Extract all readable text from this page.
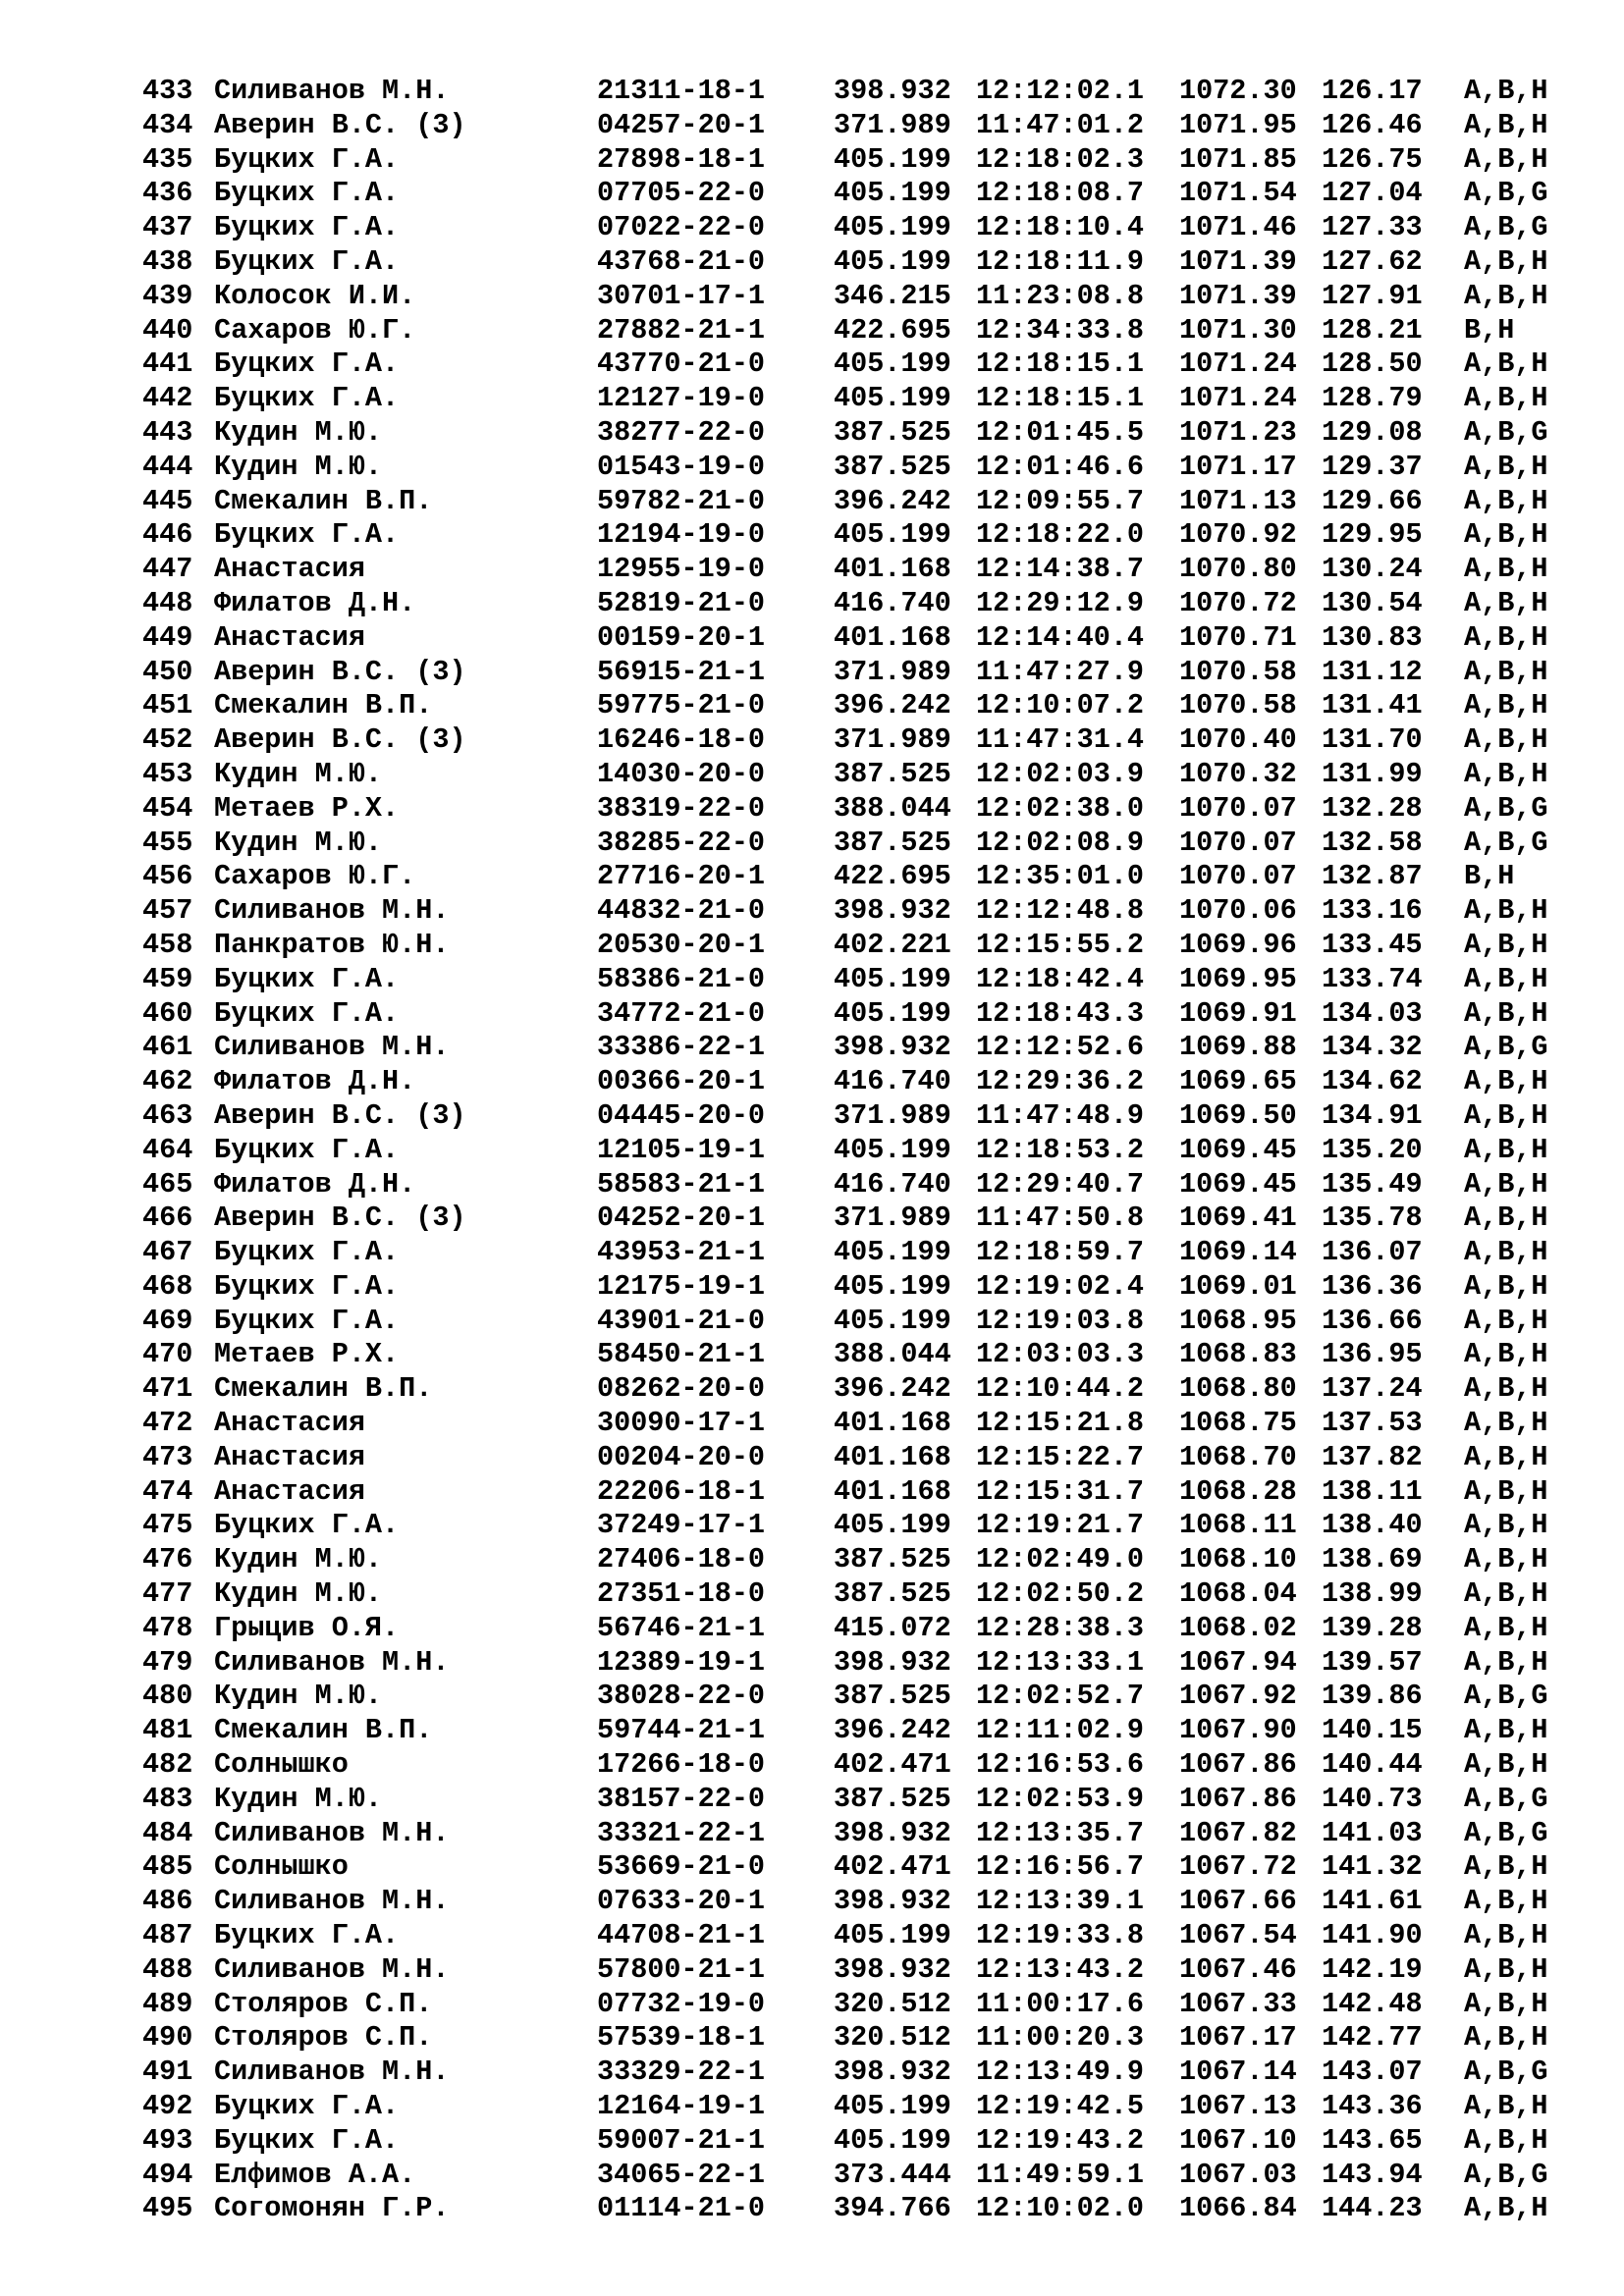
433 Силиванов М.Н.	21311-18-1 398.932 12:12:02.1 1072.30 126.17 A,B,H
434 Аверин В.С. (3)	04257-20-1 371.989 11:47:01.2 1071.95 126.46 A,B,H
435 Буцких Г.А.	27898-18-1 405.199 12:18:02.3 1071.85 126.75 A,B,H
436 Буцких Г.А.	07705-22-0 405.199 12:18:08.7 1071.54 127.04 A,B,G
437 Буцких Г.А.	07022-22-0 405.199 12:18:10.4 1071.46 127.33 A,B,G
438 Буцких Г.А.	43768-21-0 405.199 12:18:11.9 1071.39 127.62 A,B,H
439 Колосок И.И.	30701-17-1 346.215 11:23:08.8 1071.39 127.91 A,B,H
440 Сахаров Ю.Г.	27882-21-1 422.695 12:34:33.8 1071.30 128.21 B,H
441 Буцких Г.А.	43770-21-0 405.199 12:18:15.1 1071.24 128.50 A,B,H
442 Буцких Г.А.	12127-19-0 405.199 12:18:15.1 1071.24 128.79 A,B,H
443 Кудин М.Ю.	38277-22-0 387.525 12:01:45.5 1071.23 129.08 A,B,G
444 Кудин М.Ю.	01543-19-0 387.525 12:01:46.6 1071.17 129.37 A,B,H
445 Смекалин В.П.	59782-21-0 396.242 12:09:55.7 1071.13 129.66 A,B,H
446 Буцких Г.А.	12194-19-0 405.199 12:18:22.0 1070.92 129.95 A,B,H
447 Анастасия	12955-19-0 401.168 12:14:38.7 1070.80 130.24 A,B,H
448 Филатов Д.Н.	52819-21-0 416.740 12:29:12.9 1070.72 130.54 A,B,H
449 Анастасия	00159-20-1 401.168 12:14:40.4 1070.71 130.83 A,B,H
450 Аверин В.С. (3)	56915-21-1 371.989 11:47:27.9 1070.58 131.12 A,B,H
451 Смекалин В.П.	59775-21-0 396.242 12:10:07.2 1070.58 131.41 A,B,H
452 Аверин В.С. (3)	16246-18-0 371.989 11:47:31.4 1070.40 131.70 A,B,H
453 Кудин М.Ю.	14030-20-0 387.525 12:02:03.9 1070.32 131.99 A,B,H
454 Метаев Р.Х.	38319-22-0 388.044 12:02:38.0 1070.07 132.28 A,B,G
455 Кудин М.Ю.	38285-22-0 387.525 12:02:08.9 1070.07 132.58 A,B,G
456 Сахаров Ю.Г.	27716-20-1 422.695 12:35:01.0 1070.07 132.87 B,H
457 Силиванов М.Н.	44832-21-0 398.932 12:12:48.8 1070.06 133.16 A,B,H
458 Панкратов Ю.Н.	20530-20-1 402.221 12:15:55.2 1069.96 133.45 A,B,H
459 Буцких Г.А.	58386-21-0 405.199 12:18:42.4 1069.95 133.74 A,B,H
460 Буцких Г.А.	34772-21-0 405.199 12:18:43.3 1069.91 134.03 A,B,H
461 Силиванов М.Н.	33386-22-1 398.932 12:12:52.6 1069.88 134.32 A,B,G
462 Филатов Д.Н.	00366-20-1 416.740 12:29:36.2 1069.65 134.62 A,B,H
463 Аверин В.С. (3)	04445-20-0 371.989 11:47:48.9 1069.50 134.91 A,B,H
464 Буцких Г.А.	12105-19-1 405.199 12:18:53.2 1069.45 135.20 A,B,H
465 Филатов Д.Н.	58583-21-1 416.740 12:29:40.7 1069.45 135.49 A,B,H
466 Аверин В.С. (3)	04252-20-1 371.989 11:47:50.8 1069.41 135.78 A,B,H
467 Буцких Г.А.	43953-21-1 405.199 12:18:59.7 1069.14 136.07 A,B,H
468 Буцких Г.А.	12175-19-1 405.199 12:19:02.4 1069.01 136.36 A,B,H
469 Буцких Г.А.	43901-21-0 405.199 12:19:03.8 1068.95 136.66 A,B,H
470 Метаев Р.Х.	58450-21-1 388.044 12:03:03.3 1068.83 136.95 A,B,H
471 Смекалин В.П.	08262-20-0 396.242 12:10:44.2 1068.80 137.24 A,B,H
472 Анастасия	30090-17-1 401.168 12:15:21.8 1068.75 137.53 A,B,H
473 Анастасия	00204-20-0 401.168 12:15:22.7 1068.70 137.82 A,B,H
474 Анастасия	22206-18-1 401.168 12:15:31.7 1068.28 138.11 A,B,H
475 Буцких Г.А.	37249-17-1 405.199 12:19:21.7 1068.11 138.40 A,B,H
476 Кудин М.Ю.	27406-18-0 387.525 12:02:49.0 1068.10 138.69 A,B,H
477 Кудин М.Ю.	27351-18-0 387.525 12:02:50.2 1068.04 138.99 A,B,H
478 Грыцив О.Я.	56746-21-1 415.072 12:28:38.3 1068.02 139.28 A,B,H
479 Силиванов М.Н.	12389-19-1 398.932 12:13:33.1 1067.94 139.57 A,B,H
480 Кудин М.Ю.	38028-22-0 387.525 12:02:52.7 1067.92 139.86 A,B,G
481 Смекалин В.П.	59744-21-1 396.242 12:11:02.9 1067.90 140.15 A,B,H
482 Солнышко	17266-18-0 402.471 12:16:53.6 1067.86 140.44 A,B,H
483 Кудин М.Ю.	38157-22-0 387.525 12:02:53.9 1067.86 140.73 A,B,G
484 Силиванов М.Н.	33321-22-1 398.932 12:13:35.7 1067.82 141.03 A,B,G
485 Солнышко	53669-21-0 402.471 12:16:56.7 1067.72 141.32 A,B,H
486 Силиванов М.Н.	07633-20-1 398.932 12:13:39.1 1067.66 141.61 A,B,H
487 Буцких Г.А.	44708-21-1 405.199 12:19:33.8 1067.54 141.90 A,B,H
488 Силиванов М.Н.	57800-21-1 398.932 12:13:43.2 1067.46 142.19 A,B,H
489 Столяров С.П.	07732-19-0 320.512 11:00:17.6 1067.33 142.48 A,B,H
490 Столяров С.П.	57539-18-1 320.512 11:00:20.3 1067.17 142.77 A,B,H
491 Силиванов М.Н.	33329-22-1 398.932 12:13:49.9 1067.14 143.07 A,B,G
492 Буцких Г.А.	12164-19-1 405.199 12:19:42.5 1067.13 143.36 A,B,H
493 Буцких Г.А.	59007-21-1 405.199 12:19:43.2 1067.10 143.65 A,B,H
494 Елфимов А.А.	34065-22-1 373.444 11:49:59.1 1067.03 143.94 A,B,G
495 Согомонян Г.Р.	01114-21-0 394.766 12:10:02.0 1066.84 144.23 A,B,H
